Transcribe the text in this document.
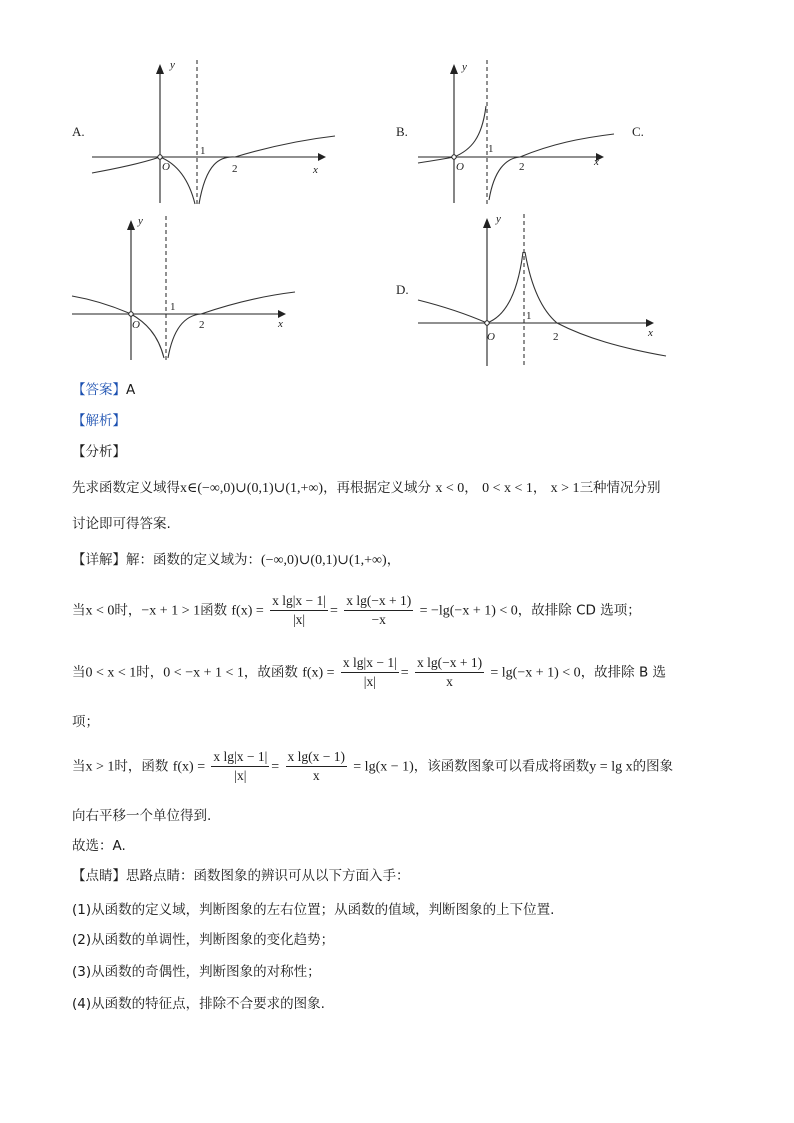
A.
x
y
O
1
2
B.
x
y
O
1
2
C.
x
y
O
1
2
D.
x
y
O
1
2
【答案】A
【解析】
【分析】
先求函数定义域得x∈(−∞,0)∪(0,1)∪(1,+∞)，再根据定义域分 x < 0， 0 < x < 1， x > 1三种情况分别
讨论即可得答案.
【详解】解：函数的定义域为：(−∞,0)∪(0,1)∪(1,+∞)，
当x < 0时，−x + 1 > 1函数 $f(x) = \frac{\text{x lg|x − 1|}}{|x|} = \frac{\text{x lg(−x + 1)}}{-x} = -\lg(-x + 1) < 0$，故排除 CD 选项；
当0 < x < 1时，0 < −x + 1 < 1，故函数 $f(x) = \frac{\text{x lg|x − 1|}}{|x|} = \frac{\text{x lg(−x + 1)}}{x} = \lg(-x + 1) < 0$，故排除 B 选
项；
当x > 1时，函数 $f(x) = \frac{\text{x lg|x − 1|}}{|x|} = \frac{\text{x lg(x − 1)}}{x} = \lg(x - 1)$，该函数图象可以看成将函数y = lg x的图象
向右平移一个单位得到.
故选：A.
【点睛】思路点睛：函数图象的辨识可从以下方面入手：
(1)从函数的定义域，判断图象的左右位置；从函数的值域，判断图象的上下位置.
(2)从函数的单调性，判断图象的变化趋势；
(3)从函数的奇偶性，判断图象的对称性；
(4)从函数的特征点，排除不合要求的图象.
